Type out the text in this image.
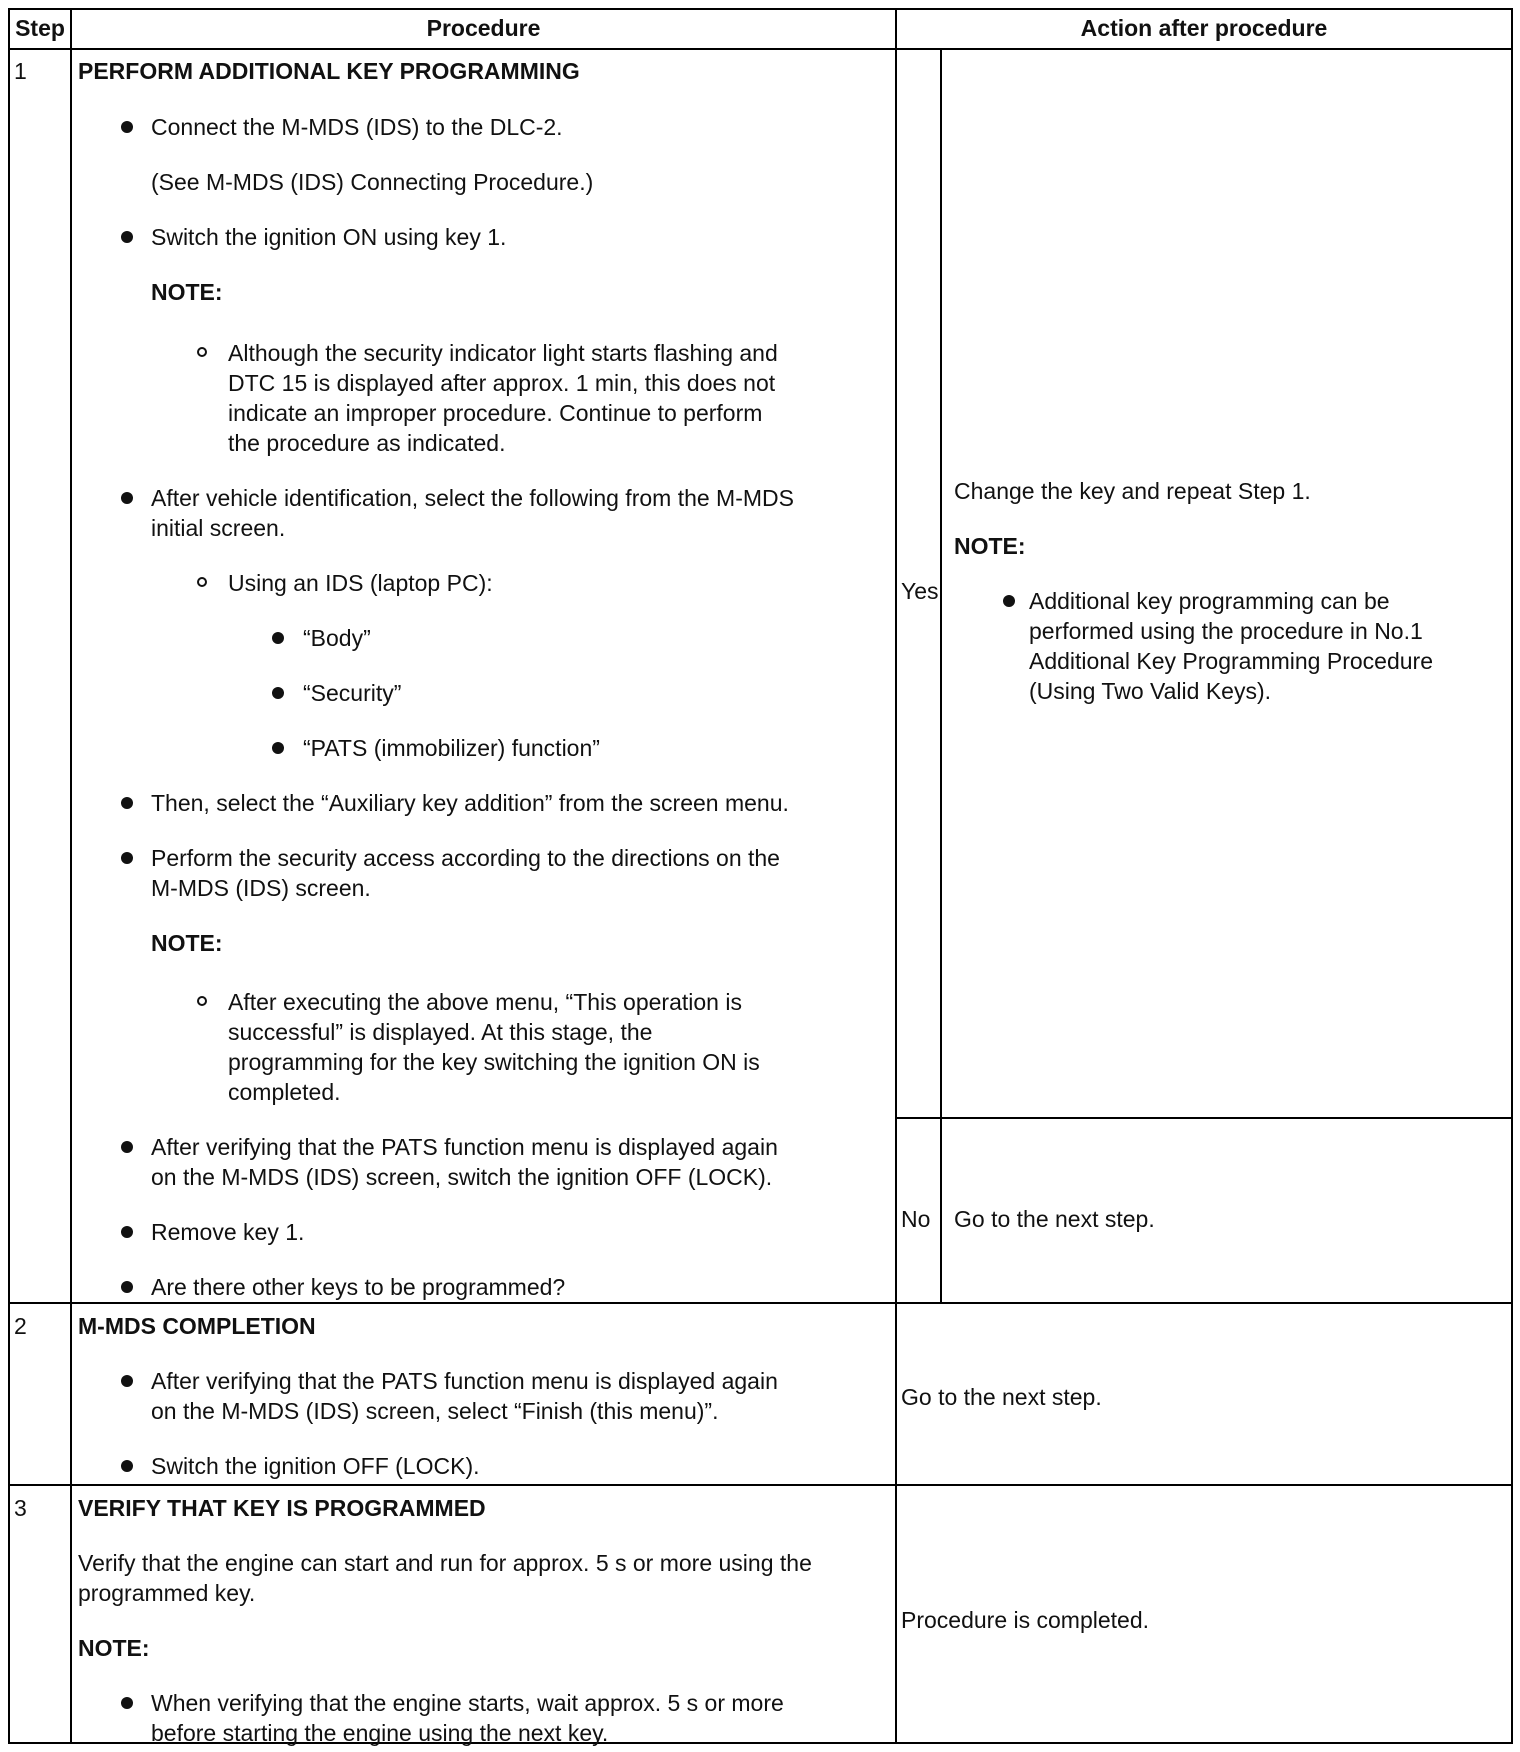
Step	Procedure	Action after procedure
1 PERFORM ADDITIONAL KEY PROGRAMMING
Connect the M-MDS (IDS) to the DLC-2.
(See M-MDS (IDS) Connecting Procedure.)
Switch the ignition ON using key 1.
NOTE:
Although the security indicator light starts flashing and
DTC 15 is displayed after approx. 1 min, this does not
indicate an improper procedure. Continue to perform
the procedure as indicated.
After vehicle identification, select the following from the M-MDS
initial screen.
Using an IDS (laptop PC):
“Body”
“Security”
“PATS (immobilizer) function”
Then, select the “Auxiliary key addition” from the screen menu.
Perform the security access according to the directions on the
M-MDS (IDS) screen.
NOTE:
After executing the above menu, “This operation is
successful” is displayed. At this stage, the
programming for the key switching the ignition ON is
completed.
After verifying that the PATS function menu is displayed again
on the M-MDS (IDS) screen, switch the ignition OFF (LOCK).
Remove key 1.
Are there other keys to be programmed?
Yes
Change the key and repeat Step 1.
NOTE:
Additional key programming can be
performed using the procedure in No.1
Additional Key Programming Procedure
(Using Two Valid Keys).
No Go to the next step.
2 M-MDS COMPLETION
After verifying that the PATS function menu is displayed again
on the M-MDS (IDS) screen, select “Finish (this menu)”.
Switch the ignition OFF (LOCK).
Go to the next step.
3 VERIFY THAT KEY IS PROGRAMMED
Verify that the engine can start and run for approx. 5 s or more using the
programmed key.
NOTE:
When verifying that the engine starts, wait approx. 5 s or more
before starting the engine using the next key.
Procedure is completed.
